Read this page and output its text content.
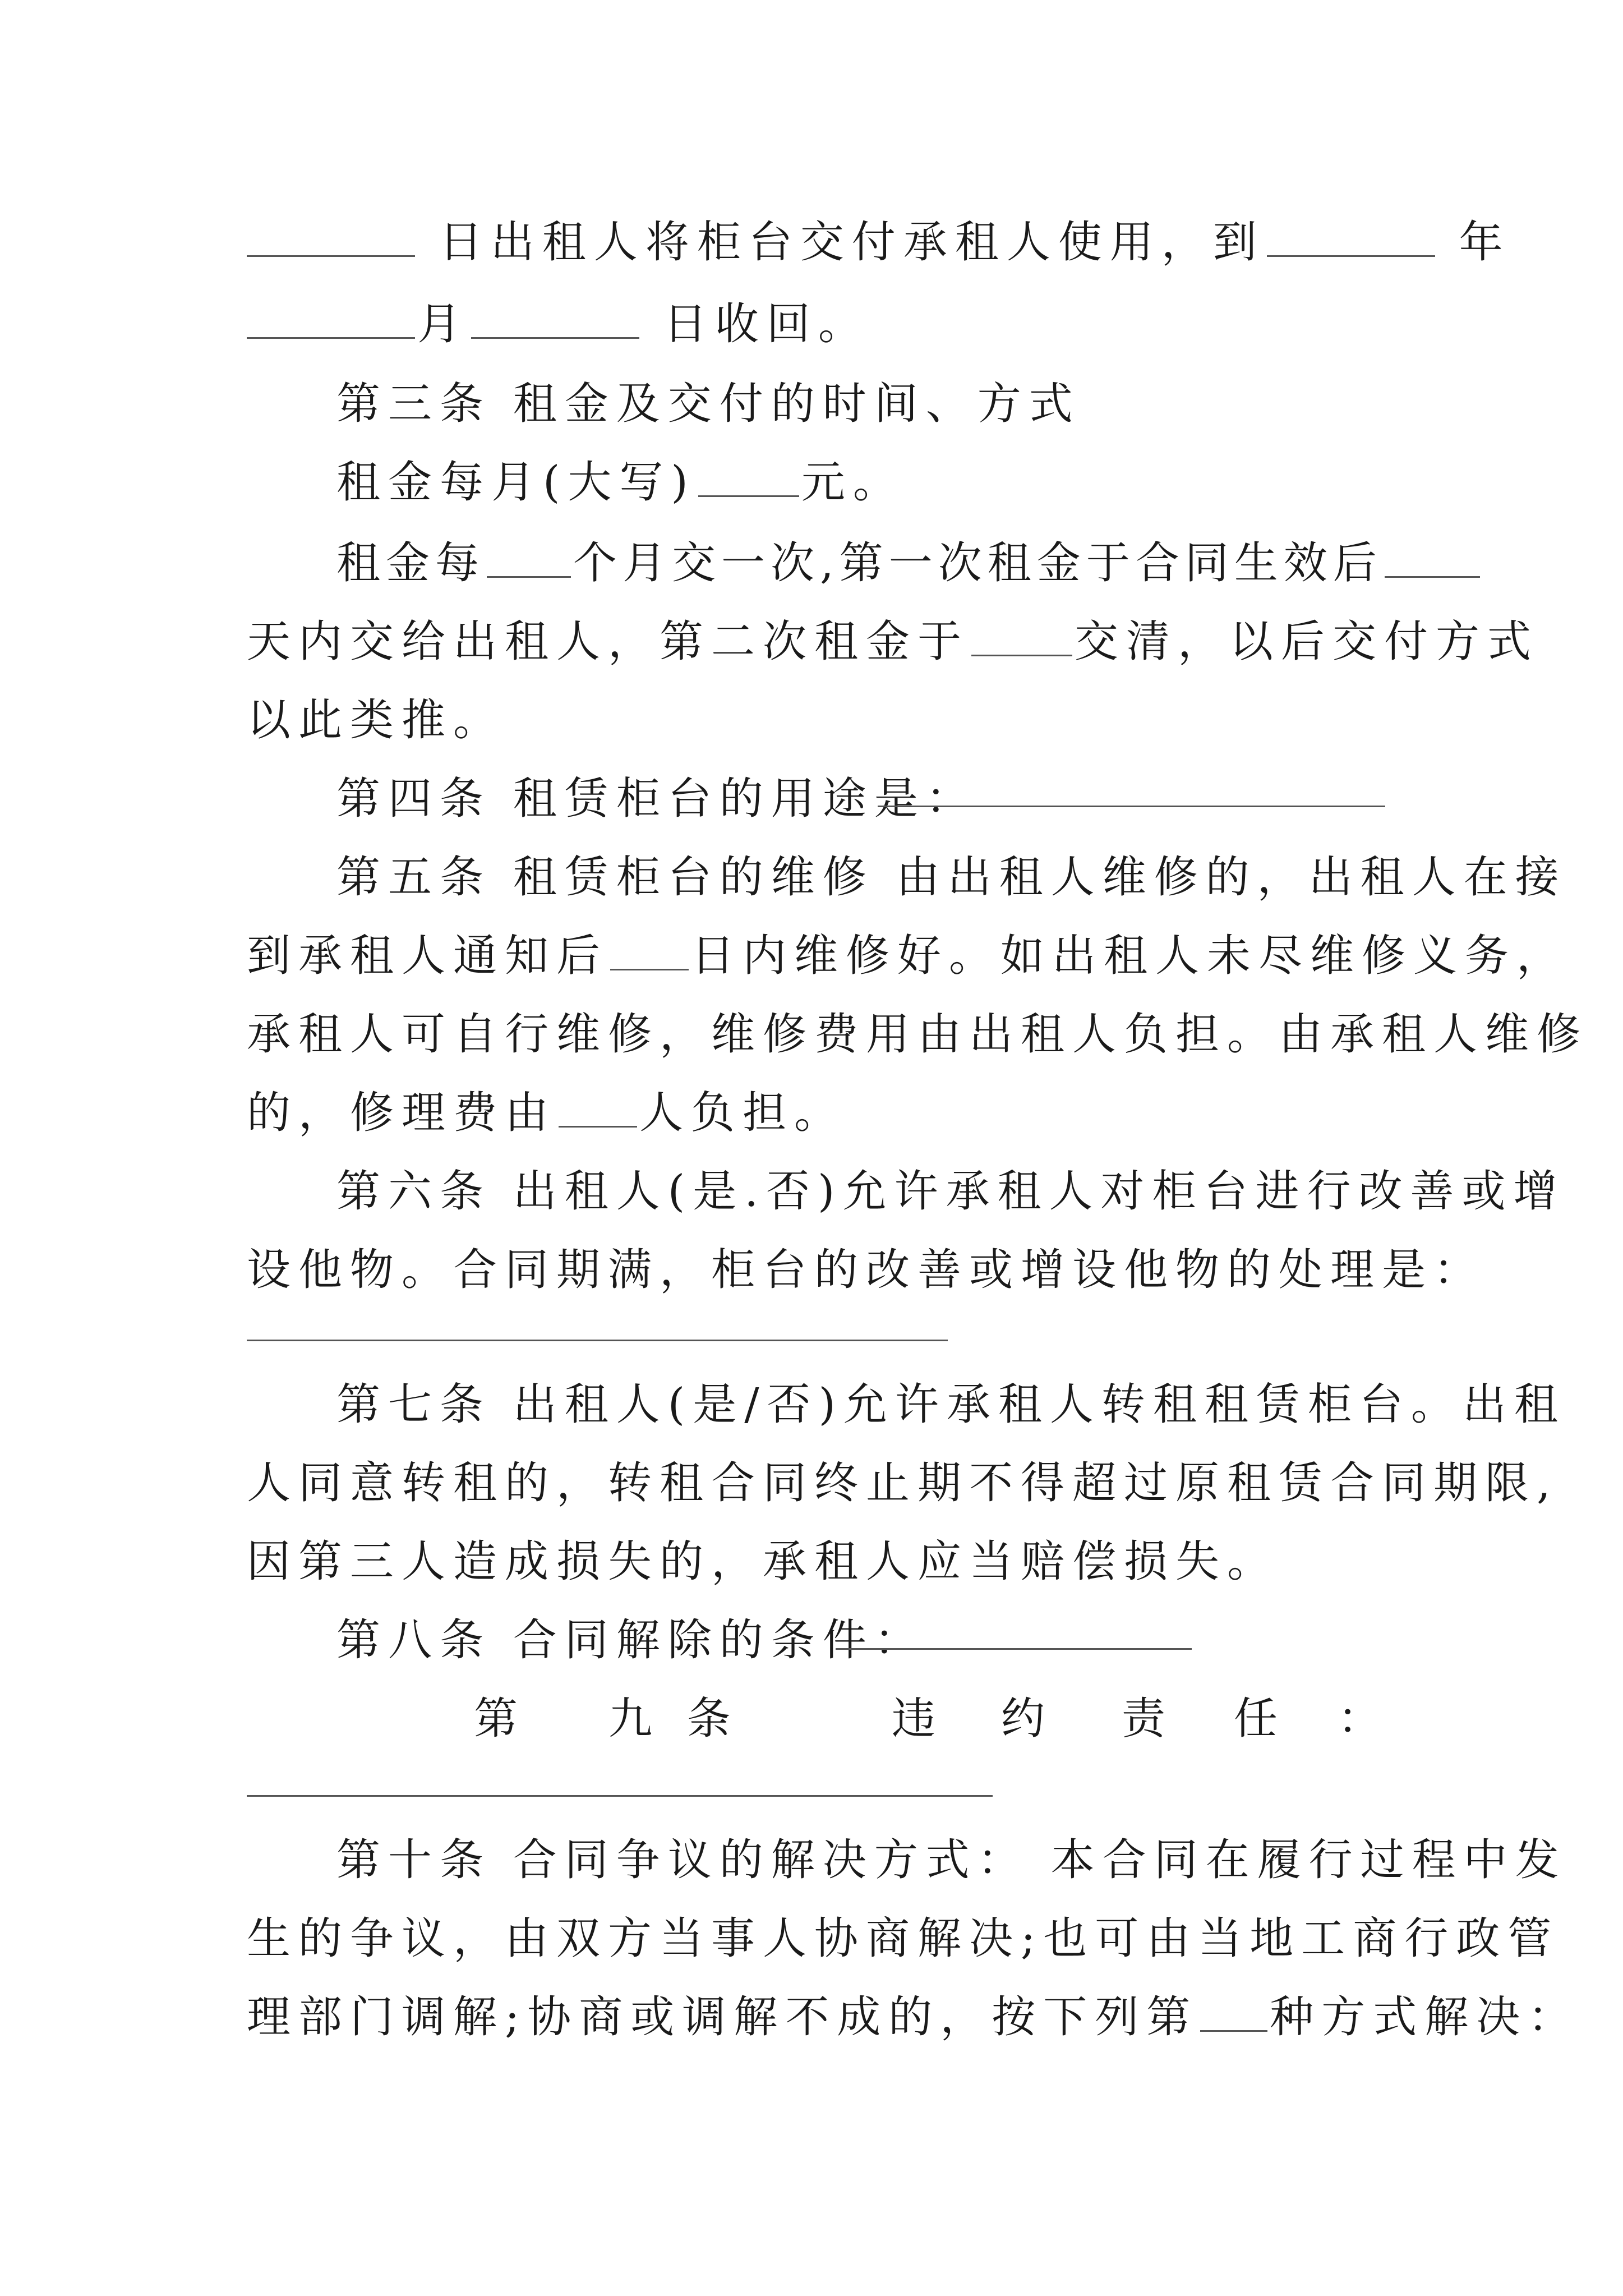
日出租人将柜台交付承租人使用，到	年
月	日收回。
第三条 租金及交付的时间、方式
租金每月(大写) 元。
租金每 个月交一次,第一次租金于合同生效后
天内交给出租人，第二次租金于 交清，以后交付方式
以此类推。
第四条 租赁柜台的用途是：
第五条 租赁柜台的维修 由出租人维修的，出租人在接
到承租人通知后 日内维修好。如出租人未尽维修义务，
承租人可自行维修，维修费用由出租人负担。由承租人维修
的，修理费由 人负担。
第六条 出租人(是.否)允许承租人对柜台进行改善或增
设他物。合同期满，柜台的改善或增设他物的处理是：
第七条 出租人(是/否)允许承租人转租租赁柜台。出租
人同意转租的，转租合同终止期不得超过原租赁合同期限,
因第三人造成损失的，承租人应当赔偿损失。
第八条 合同解除的条件：
第 九 条	违 约 责 任 ：
第十条 合同争议的解决方式： 本合同在履行过程中发
生的争议，由双方当事人协商解决;也可由当地工商行政管
理部门调解;协商或调解不成的，按下列第 种方式解决：
